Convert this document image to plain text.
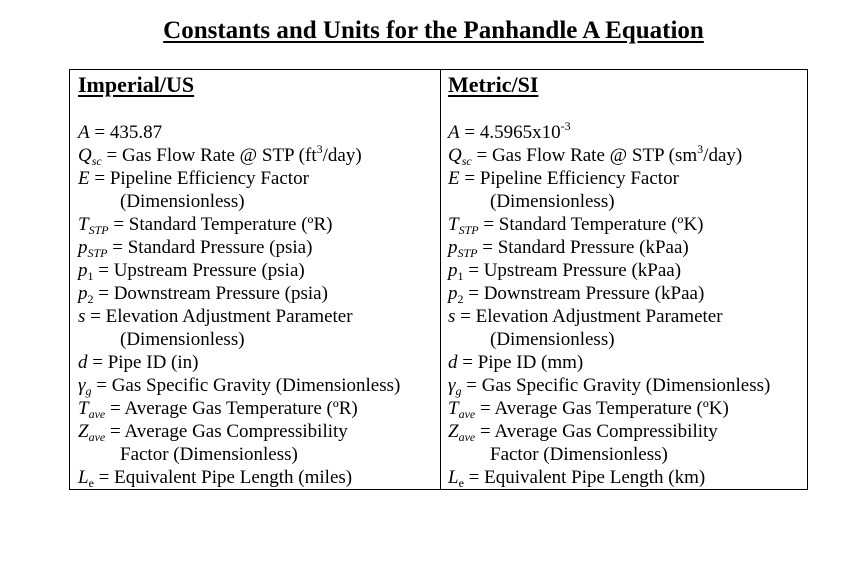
Constants and Units for the Panhandle A Equation
Imperial/US
A = 435.87
$Q_{sc}$ = Gas Flow Rate @ STP $(ft^3/day)$
E = Pipeline Efficiency Factor
(Dimensionless)
$T_{STP}$ = Standard Temperature (ºR)
$p_{STP}$ = Standard Pressure (psia)
$p_1$ = Upstream Pressure (psia)
$p_2$ = Downstream Pressure (psia)
s = Elevation Adjustment Parameter
(Dimensionless)
d = Pipe ID (in)
$\gamma_g$ = Gas Specific Gravity (Dimensionless)
$T_{ave}$ = Average Gas Temperature (ºR)
$Z_{ave}$ = Average Gas Compressibility
Factor (Dimensionless)
$L_e$ = Equivalent Pipe Length (miles)
Metric/SI
$A = 4.5965x10^{-3}$
$Q_{sc}$ = Gas Flow Rate @ STP $(sm^3/day)$
E = Pipeline Efficiency Factor
(Dimensionless)
$T_{STP}$ = Standard Temperature (ºK)
$p_{STP}$ = Standard Pressure (kPaa)
$p_1$ = Upstream Pressure (kPaa)
$p_2$ = Downstream Pressure (kPaa)
s = Elevation Adjustment Parameter
(Dimensionless)
d = Pipe ID (mm)
$\gamma_g$ = Gas Specific Gravity (Dimensionless)
$T_{ave}$ = Average Gas Temperature (ºK)
$Z_{ave}$ = Average Gas Compressibility
Factor (Dimensionless)
$L_e$ = Equivalent Pipe Length (km)
